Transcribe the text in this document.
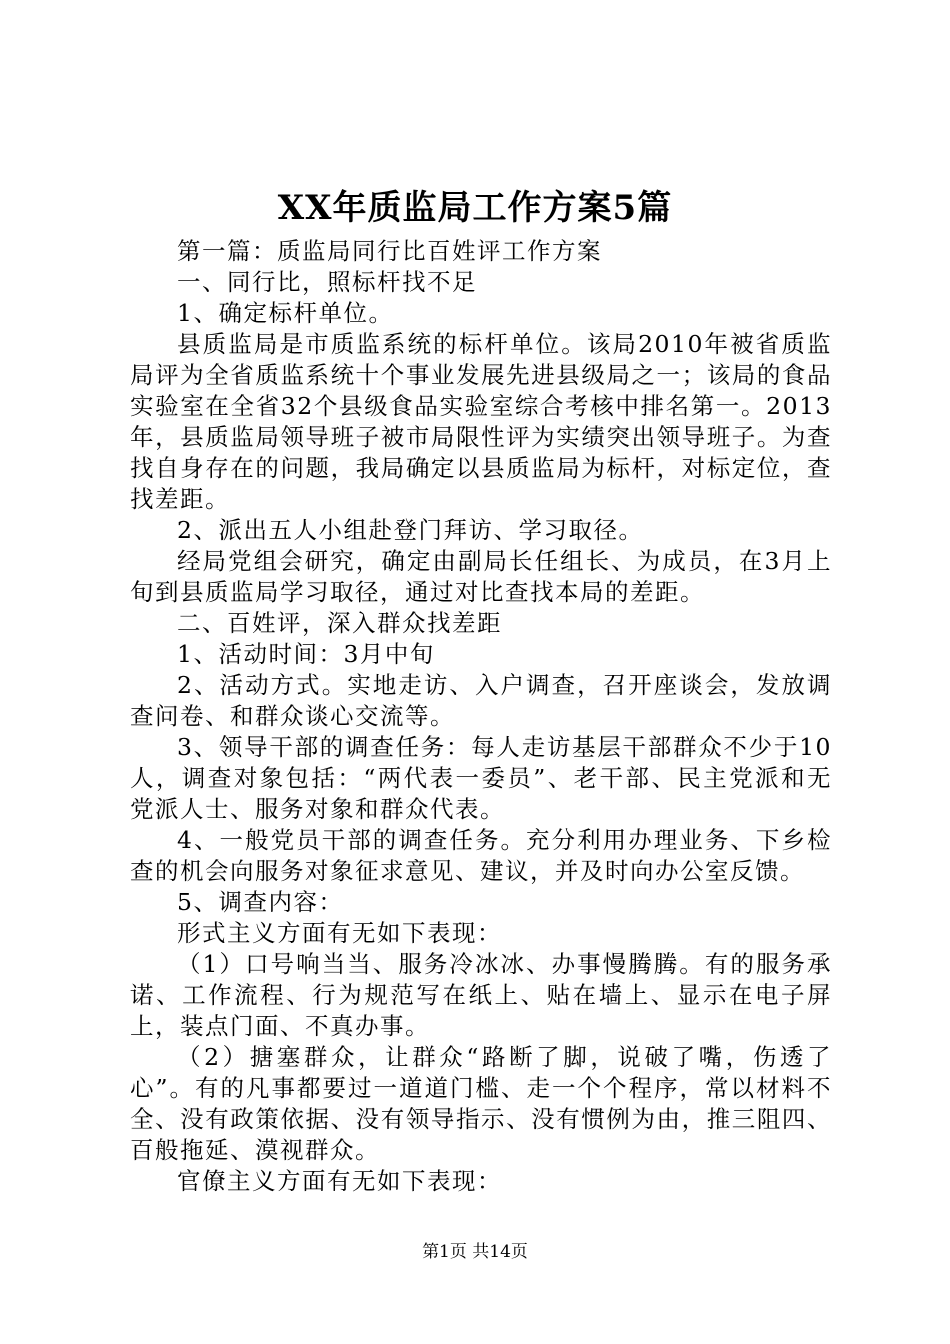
XX年质监局工作方案5篇

第一篇：质监局同行比百姓评工作方案

一、同行比，照标杆找不足

1、确定标杆单位。

县质监局是市质监系统的标杆单位。该局2010年被省质监局评为全省质监系统十个事业发展先进县级局之一；该局的食品实验室在全省32个县级食品实验室综合考核中排名第一。2013年，县质监局领导班子被市局限性评为实绩突出领导班子。为查找自身存在的问题，我局确定以县质监局为标杆，对标定位，查找差距。

2、派出五人小组赴登门拜访、学习取径。

经局党组会研究，确定由副局长任组长、为成员，在3月上旬到县质监局学习取径，通过对比查找本局的差距。

二、百姓评，深入群众找差距

1、活动时间：3月中旬

2、活动方式。实地走访、入户调查，召开座谈会，发放调查问卷、和群众谈心交流等。

3、领导干部的调查任务：每人走访基层干部群众不少于10人，调查对象包括：“两代表一委员”、老干部、民主党派和无党派人士、服务对象和群众代表。

4、一般党员干部的调查任务。充分利用办理业务、下乡检查的机会向服务对象征求意见、建议，并及时向办公室反馈。

5、调查内容：

形式主义方面有无如下表现：

（1）口号响当当、服务冷冰冰、办事慢腾腾。有的服务承诺、工作流程、行为规范写在纸上、贴在墙上、显示在电子屏上，装点门面、不真办事。

（2）搪塞群众，让群众“路断了脚，说破了嘴，伤透了心”。有的凡事都要过一道道门槛、走一个个程序，常以材料不全、没有政策依据、没有领导指示、没有惯例为由，推三阻四、百般拖延、漠视群众。

官僚主义方面有无如下表现：

第1页 共14页
